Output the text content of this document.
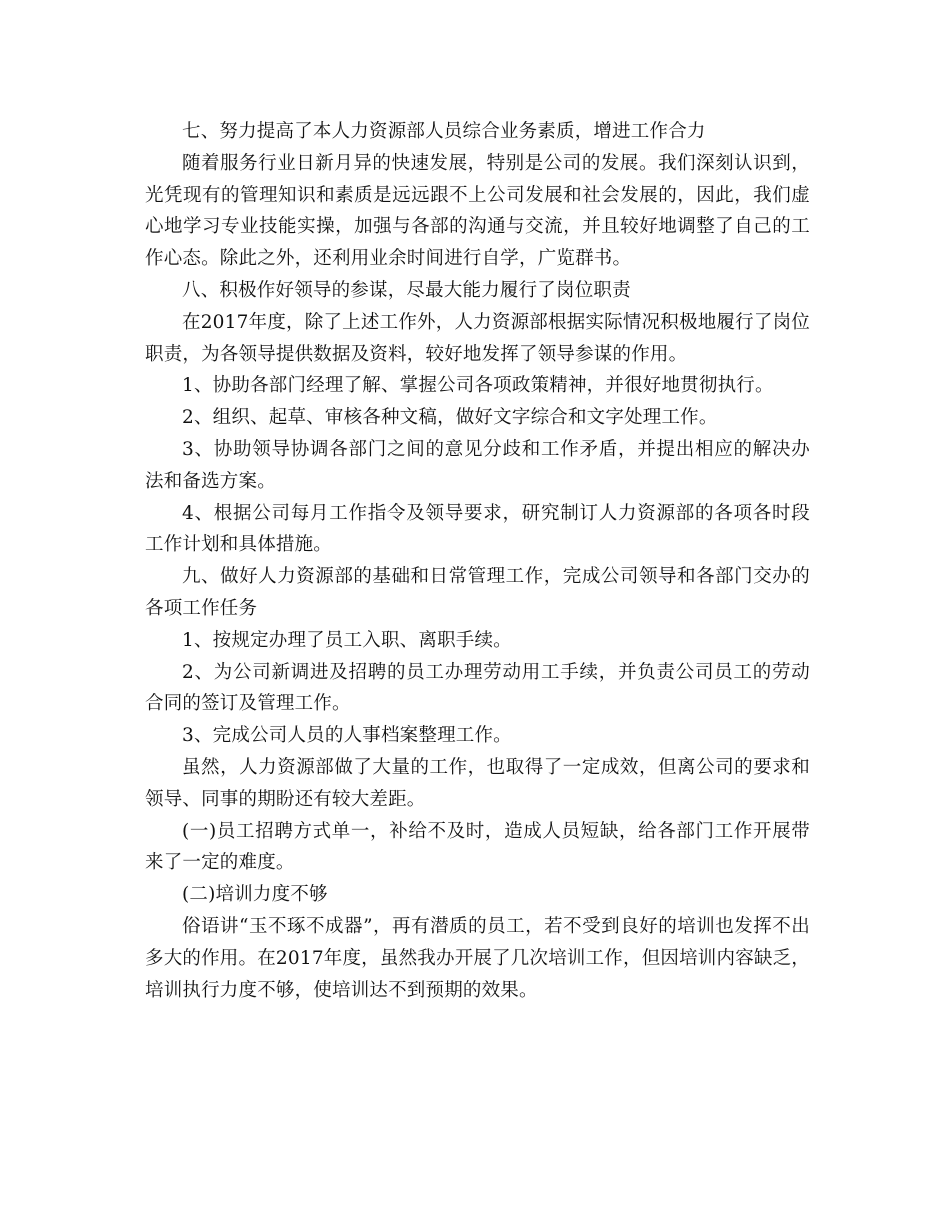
七、努力提高了本人力资源部人员综合业务素质，增进工作合力

随着服务行业日新月异的快速发展，特别是公司的发展。我们深刻认识到，光凭现有的管理知识和素质是远远跟不上公司发展和社会发展的，因此，我们虚心地学习专业技能实操，加强与各部的沟通与交流，并且较好地调整了自己的工作心态。除此之外，还利用业余时间进行自学，广览群书。

八、积极作好领导的参谋，尽最大能力履行了岗位职责

在2017年度，除了上述工作外，人力资源部根据实际情况积极地履行了岗位职责，为各领导提供数据及资料，较好地发挥了领导参谋的作用。

1、协助各部门经理了解、掌握公司各项政策精神，并很好地贯彻执行。

2、组织、起草、审核各种文稿，做好文字综合和文字处理工作。

3、协助领导协调各部门之间的意见分歧和工作矛盾，并提出相应的解决办法和备选方案。

4、根据公司每月工作指令及领导要求，研究制订人力资源部的各项各时段工作计划和具体措施。

九、做好人力资源部的基础和日常管理工作，完成公司领导和各部门交办的各项工作任务

1、按规定办理了员工入职、离职手续。

2、为公司新调进及招聘的员工办理劳动用工手续，并负责公司员工的劳动合同的签订及管理工作。

3、完成公司人员的人事档案整理工作。

虽然，人力资源部做了大量的工作，也取得了一定成效，但离公司的要求和领导、同事的期盼还有较大差距。

(一)员工招聘方式单一，补给不及时，造成人员短缺，给各部门工作开展带来了一定的难度。

(二)培训力度不够

俗语讲“玉不琢不成器”，再有潜质的员工，若不受到良好的培训也发挥不出多大的作用。在2017年度，虽然我办开展了几次培训工作，但因培训内容缺乏，培训执行力度不够，使培训达不到预期的效果。
